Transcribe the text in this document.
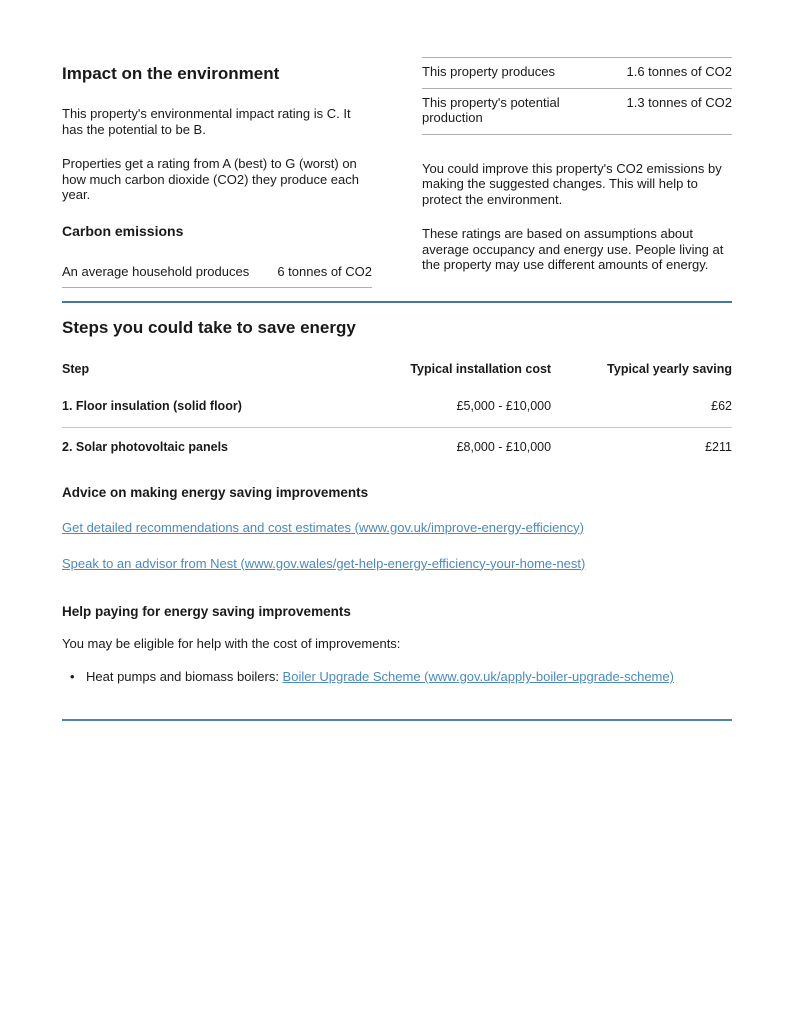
Impact on the environment

This property's environmental impact rating is C. It has the potential to be B.

Properties get a rating from A (best) to G (worst) on how much carbon dioxide (CO2) they produce each year.

Carbon emissions
An average household produces	6 tonnes of CO2
This property produces	1.6 tonnes of CO2
This property's potential production	1.3 tonnes of CO2

You could improve this property's CO2 emissions by making the suggested changes. This will help to protect the environment.

These ratings are based on assumptions about average occupancy and energy use. People living at the property may use different amounts of energy.

Steps you could take to save energy
Step	Typical installation cost	Typical yearly saving
1. Floor insulation (solid floor)	£5,000 - £10,000	£62
2. Solar photovoltaic panels	£8,000 - £10,000	£211
Advice on making energy saving improvements
Get detailed recommendations and cost estimates (www.gov.uk/improve-energy-efficiency)
Speak to an advisor from Nest (www.gov.wales/get-help-energy-efficiency-your-home-nest)
Help paying for energy saving improvements

You may be eligible for help with the cost of improvements:

• Heat pumps and biomass boilers: Boiler Upgrade Scheme (www.gov.uk/apply-boiler-upgrade-scheme)
